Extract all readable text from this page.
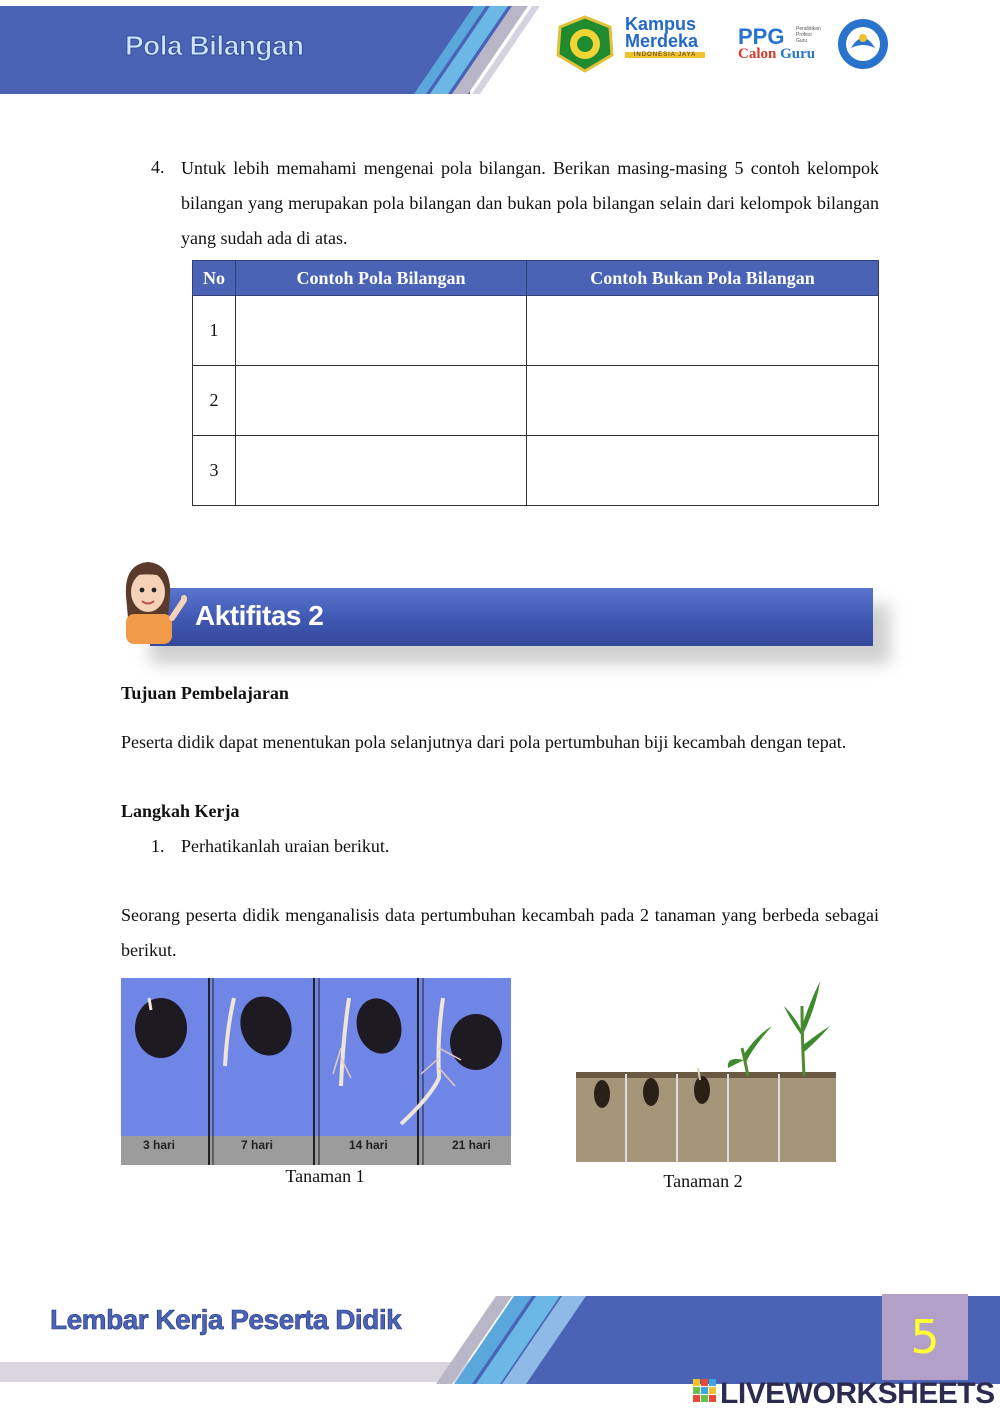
Pola Bilangan
Kampus
Merdeka
INDONESIA JAYA
PPG Pendidikan
Profesi
Guru
Calon Guru
4. Untuk lebih memahami mengenai pola bilangan. Berikan masing-masing 5 contoh kelompok bilangan yang merupakan pola bilangan dan bukan pola bilangan selain dari kelompok bilangan yang sudah ada di atas.
No	Contoh Pola Bilangan	Contoh Bukan Pola Bilangan
1		
2		
3		
Aktifitas 2
Tujuan Pembelajaran
Peserta didik dapat menentukan pola selanjutnya dari pola pertumbuhan biji kecambah dengan tepat.
Langkah Kerja
1. Perhatikanlah uraian berikut.
Seorang peserta didik menganalisis data pertumbuhan kecambah pada 2 tanaman yang berbeda sebagai berikut.
3 hari	7 hari	14 hari	21 hari
Tanaman 1	Tanaman 2
Lembar Kerja Peserta Didik	5
LIVEWORKSHEETS
